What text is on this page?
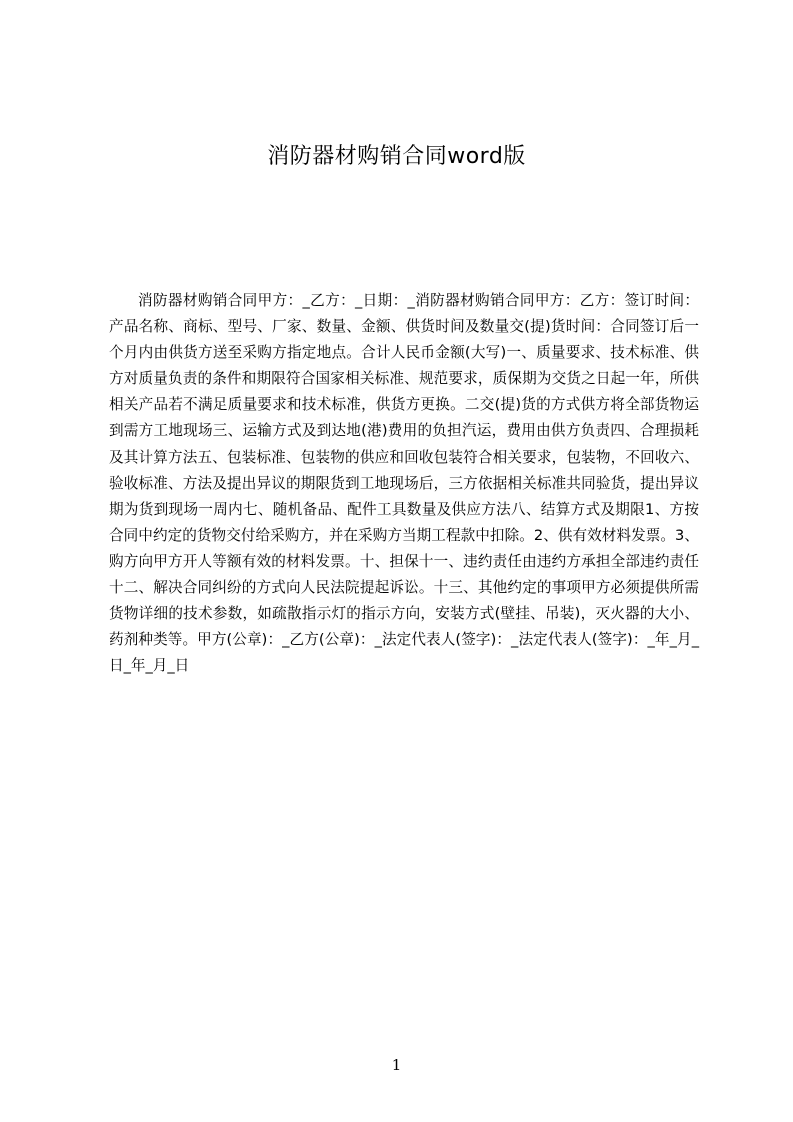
消防器材购销合同word版

消防器材购销合同甲方：_乙方：_日期：_消防器材购销合同甲方：乙方：签订时间：产品名称、商标、型号、厂家、数量、金额、供货时间及数量交(提)货时间：合同签订后一个月内由供货方送至采购方指定地点。合计人民币金额(大写)一、质量要求、技术标准、供方对质量负责的条件和期限符合国家相关标准、规范要求，质保期为交货之日起一年，所供相关产品若不满足质量要求和技术标准，供货方更换。二交(提)货的方式供方将全部货物运到需方工地现场三、运输方式及到达地(港)费用的负担汽运，费用由供方负责四、合理损耗及其计算方法五、包装标准、包装物的供应和回收包装符合相关要求，包装物，不回收六、验收标准、方法及提出异议的期限货到工地现场后，三方依据相关标准共同验货，提出异议期为货到现场一周内七、随机备品、配件工具数量及供应方法八、结算方式及期限1、方按合同中约定的货物交付给采购方，并在采购方当期工程款中扣除。2、供有效材料发票。3、购方向甲方开人等额有效的材料发票。十、担保十一、违约责任由违约方承担全部违约责任十二、解决合同纠纷的方式向人民法院提起诉讼。十三、其他约定的事项甲方必须提供所需货物详细的技术参数，如疏散指示灯的指示方向，安装方式(壁挂、吊装)，灭火器的大小、药剂种类等。甲方(公章)：_乙方(公章)：_法定代表人(签字)：_法定代表人(签字)：_年_月_日_年_月_日

1
